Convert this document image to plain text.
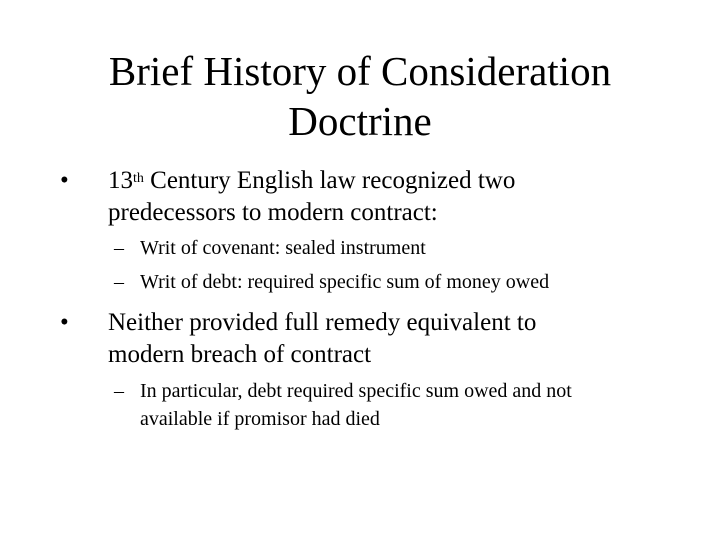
Brief History of Consideration
Doctrine
• 13th Century English law recognized two
predecessors to modern contract:
– Writ of covenant: sealed instrument
– Writ of debt: required specific sum of money owed
• Neither provided full remedy equivalent to
modern breach of contract
– In particular, debt required specific sum owed and not
available if promisor had died
